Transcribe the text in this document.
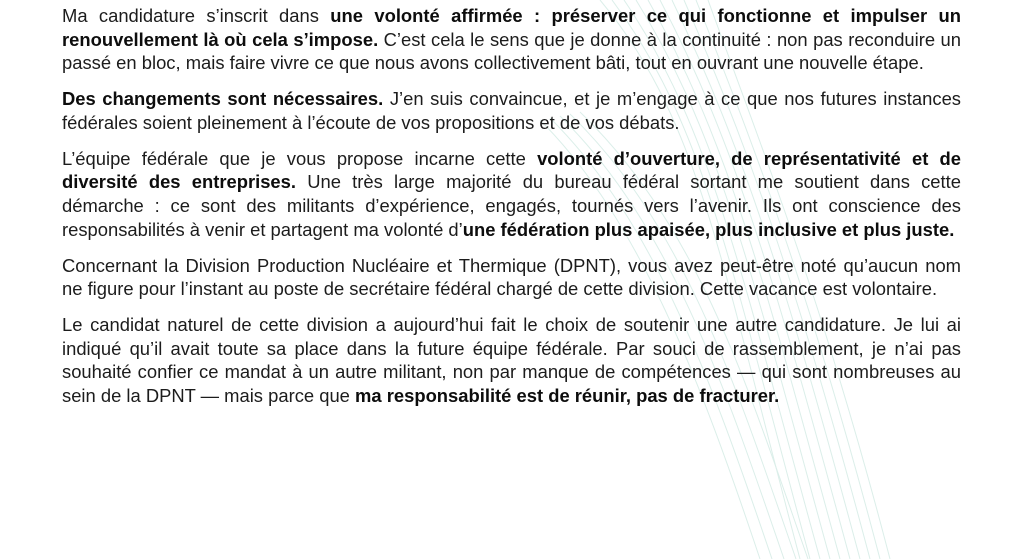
Ma candidature s’inscrit dans une volonté affirmée : préserver ce qui fonctionne et impulser un renouvellement là où cela s’impose. C’est cela le sens que je donne à la continuité : non pas reconduire un passé en bloc, mais faire vivre ce que nous avons collectivement bâti, tout en ouvrant une nouvelle étape.

Des changements sont nécessaires. J’en suis convaincue, et je m’engage à ce que nos futures instances fédérales soient pleinement à l’écoute de vos propositions et de vos débats.

L’équipe fédérale que je vous propose incarne cette volonté d’ouverture, de représentativité et de diversité des entreprises. Une très large majorité du bureau fédéral sortant me soutient dans cette démarche : ce sont des militants d’expérience, engagés, tournés vers l’avenir. Ils ont conscience des responsabilités à venir et partagent ma volonté d’une fédération plus apaisée, plus inclusive et plus juste.

Concernant la Division Production Nucléaire et Thermique (DPNT), vous avez peut-être noté qu’aucun nom ne figure pour l’instant au poste de secrétaire fédéral chargé de cette division. Cette vacance est volontaire.

Le candidat naturel de cette division a aujourd’hui fait le choix de soutenir une autre candidature. Je lui ai indiqué qu’il avait toute sa place dans la future équipe fédérale. Par souci de rassemblement, je n’ai pas souhaité confier ce mandat à un autre militant, non par manque de compétences — qui sont nombreuses au sein de la DPNT — mais parce que ma responsabilité est de réunir, pas de fracturer.
